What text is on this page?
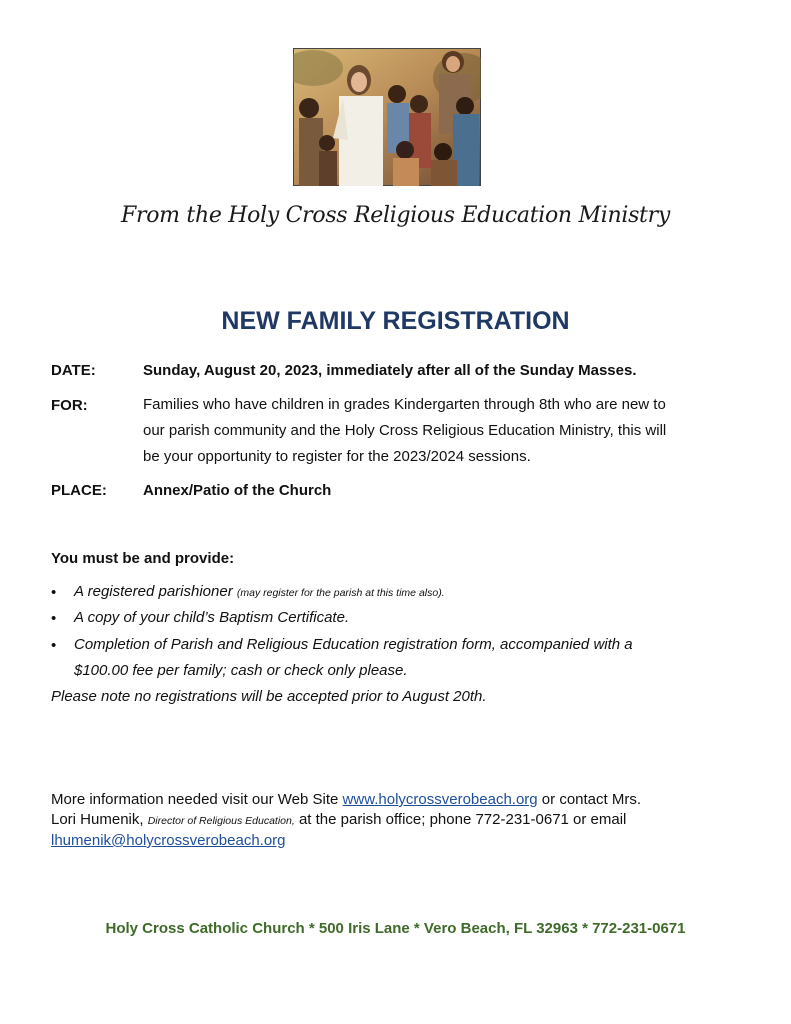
From the Holy Cross Religious Education Ministry
NEW FAMILY REGISTRATION
DATE:	Sunday, August 20, 2023, immediately after all of the Sunday Masses.
FOR:	Families who have children in grades Kindergarten through 8th who are new to
our parish community and the Holy Cross Religious Education Ministry, this will
be your opportunity to register for the 2023/2024 sessions.
PLACE: Annex/Patio of the Church
You must be and provide:
• A registered parishioner (may register for the parish at this time also).
• A copy of your child’s Baptism Certificate.
• Completion of Parish and Religious Education registration form, accompanied with a
$100.00 fee per family; cash or check only please.
Please note no registrations will be accepted prior to August 20th.
More information needed visit our Web Site www.holycrossverobeach.org or contact Mrs.
Lori Humenik, Director of Religious Education, at the parish office; phone 772-231-0671 or email
lhumenik@holycrossverobeach.org
Holy Cross Catholic Church * 500 Iris Lane * Vero Beach, FL 32963 * 772-231-0671
